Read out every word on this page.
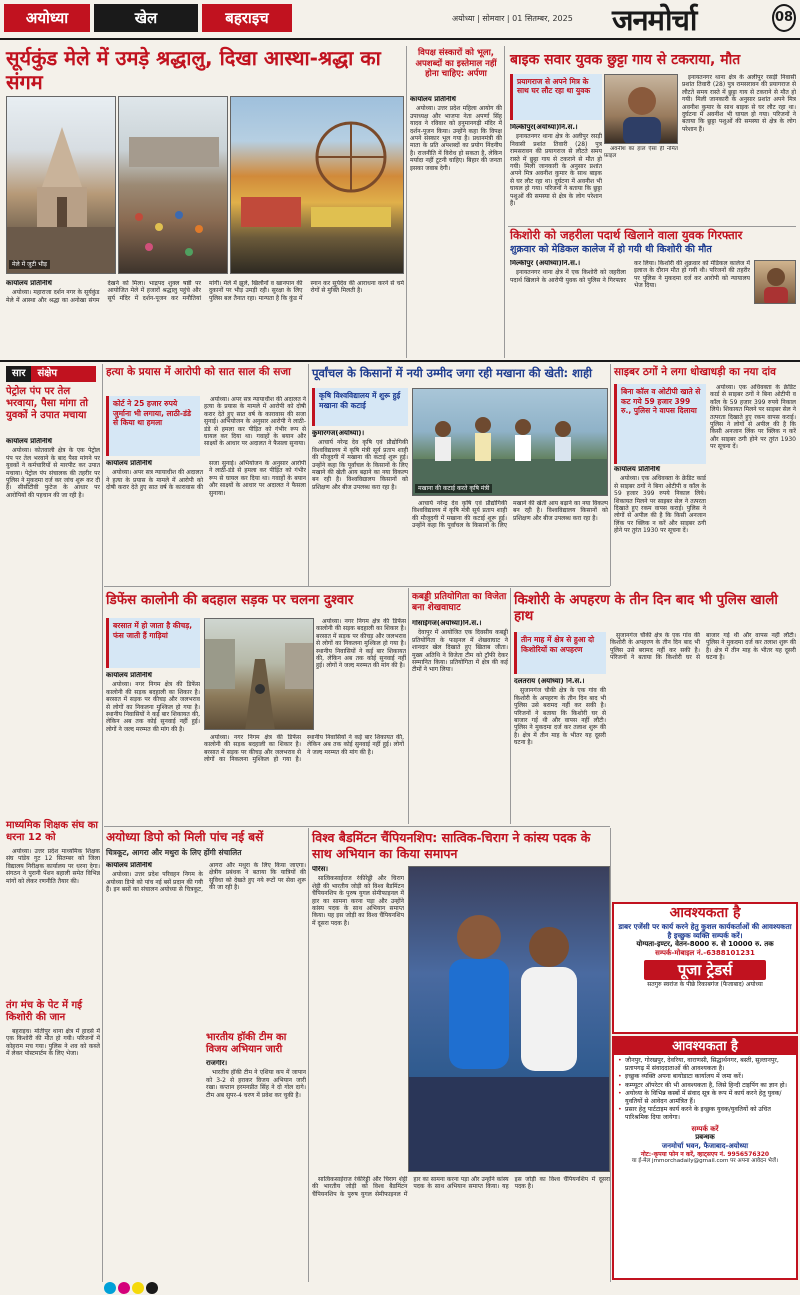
अयोध्या	खेल	बहराइच	अयोध्या | सोमवार | 01 सितम्बर, 2025 जनमोर्चा	08
सूर्यकुंड मेले में उमड़े श्रद्धालु, दिखा आस्था-श्रद्धा का संगम
मेले में जुटी भीड़
कार्यालय प्रतिनिधि

अयोध्या। महाराजा दर्शन नगर के सूर्यकुंड मेले में आस्था और श्रद्धा का अनोखा संगम देखने को मिला। भाद्रपद शुक्ल षष्ठी पर आयोजित मेले में हजारों श्रद्धालु पहुंचे और सूर्य मंदिर में दर्शन-पूजन कर मनौतियां मांगी। मेले में झूले, खिलौनों व खानपान की दुकानों पर भीड़ उमड़ी रही। सुरक्षा के लिए पुलिस बल तैनात रहा। मान्यता है कि कुंड में स्नान कर सूर्यदेव की आराधना करने से चर्म रोगों से मुक्ति मिलती है।

विपक्ष संस्कारों को भूला, अपशब्दों का इस्तेमाल नहीं होना चाहिए: अर्पणा
कार्यालय प्रतिनिधि

अयोध्या। उत्तर प्रदेश महिला आयोग की उपाध्यक्ष और भाजपा नेता अपर्णा सिंह यादव ने रविवार को हनुमानगढ़ी मंदिर में दर्शन-पूजन किया। उन्होंने कहा कि विपक्ष अपने संस्कार भूल गया है। प्रधानमंत्री की माता के प्रति अपशब्दों का प्रयोग निंदनीय है। राजनीति में विरोध हो सकता है, लेकिन मर्यादा नहीं टूटनी चाहिए। बिहार की जनता इसका जवाब देगी।

बाइक सवार युवक छुट्टा गाय से टकराया, मौत
प्रयागराज से अपने मित्र के साथ घर लौट रहा था युवक
मिल्कीपुर(अयोध्या)नि.सं.।

इनायतनगर थाना क्षेत्र के अलीपुर रसड़ी निवासी प्रशांत तिवारी (28) पुत्र रामसरावन की प्रयागराज से लौटते समय रास्ते में छुट्टा गाय से टकराने से मौत हो गयी। मिली जानकारी के अनुसार प्रशांत अपने मित्र अवनीश कुमार के साथ बाइक से घर लौट रहा था। दुर्घटना में अवनीश भी घायल हो गया। परिजनों ने बताया कि छुट्टा पशुओं की समस्या से क्षेत्र के लोग परेशान हैं।

अवनीश का हाल ऐसा ही नमित फ़ाइल

इनायतनगर थाना क्षेत्र के अलीपुर रसड़ी निवासी प्रशांत तिवारी (28) पुत्र रामसरावन की प्रयागराज से लौटते समय रास्ते में छुट्टा गाय से टकराने से मौत हो गयी। मिली जानकारी के अनुसार प्रशांत अपने मित्र अवनीश कुमार के साथ बाइक से घर लौट रहा था। दुर्घटना में अवनीश भी घायल हो गया। परिजनों ने बताया कि छुट्टा पशुओं की समस्या से क्षेत्र के लोग परेशान हैं।

किशोरी को जहरीला पदार्थ खिलाने वाला युवक गिरफ्तार
शुक्रवार को मेडिकल कालेज में हो गयी थी किशोरी की मौत
मिल्कीपुर (अयोध्या)नि.सं.।

इनायतनगर थाना क्षेत्र में एक किशोरी को जहरीला पदार्थ खिलाने के आरोपी युवक को पुलिस ने गिरफ्तार कर लिया। किशोरी की शुक्रवार को मेडिकल कालेज में इलाज के दौरान मौत हो गयी थी। परिजनों की तहरीर पर पुलिस ने मुकदमा दर्ज कर आरोपी को न्यायालय भेज दिया।

सार	संक्षेप
पेट्रोल पंप पर तेल भरवाया, पैसा मांगा तो युवकों ने उपात मचाया
कार्यालय प्रतिनिधि

अयोध्या। कोतवाली क्षेत्र के एक पेट्रोल पंप पर तेल भरवाने के बाद पैसा मांगने पर युवकों ने कर्मचारियों से मारपीट कर उपात मचाया। पेट्रोल पंप संचालक की तहरीर पर पुलिस ने मुकदमा दर्ज कर जांच शुरू कर दी है। सीसीटीवी फुटेज के आधार पर आरोपियों की पहचान की जा रही है।

माध्यमिक शिक्षक संघ का धरना 12 को

अयोध्या। उत्तर प्रदेश माध्यमिक शिक्षक संघ पांडेय गुट 12 सितम्बर को जिला विद्यालय निरीक्षक कार्यालय पर धरना देगा। संगठन ने पुरानी पेंशन बहाली समेत विभिन्न मांगों को लेकर रणनीति तैयार की।

तंग मंच के पेट में गई किशोरी की जान

बहराइच। मोतीपुर थाना क्षेत्र में हादसे में एक किशोरी की मौत हो गयी। परिजनों में कोहराम मच गया। पुलिस ने शव को कब्जे में लेकर पोस्टमार्टम के लिए भेजा।

हत्या के प्रयास में आरोपी को सात साल की सजा
कोर्ट ने 25 हजार रुपये जुर्माना भी लगाया, लाठी-डंडे से किया था हमला
कार्यालय प्रतिनिधि

अयोध्या। अपर सत्र न्यायाधीश की अदालत ने हत्या के प्रयास के मामले में आरोपी को दोषी करार देते हुए सात वर्ष के कारावास की सजा सुनाई। अभियोजन के अनुसार आरोपी ने लाठी-डंडे से हमला कर पीड़ित को गंभीर रूप से घायल कर दिया था। गवाहों के बयान और साक्ष्यों के आधार पर अदालत ने फैसला सुनाया।

अयोध्या। अपर सत्र न्यायाधीश की अदालत ने हत्या के प्रयास के मामले में आरोपी को दोषी करार देते हुए सात वर्ष के कारावास की सजा सुनाई। अभियोजन के अनुसार आरोपी ने लाठी-डंडे से हमला कर पीड़ित को गंभीर रूप से घायल कर दिया था। गवाहों के बयान और साक्ष्यों के आधार पर अदालत ने फैसला सुनाया।

पूर्वांचल के किसानों में नयी उम्मीद जगा रही मखाना की खेती: शाही
कृषि विश्वविद्यालय में शुरू हुई मखाना की कटाई
कुमारगंज(अयोध्या)।

आचार्य नरेन्द्र देव कृषि एवं प्रौद्योगिकी विश्वविद्यालय में कृषि मंत्री सूर्य प्रताप शाही की मौजूदगी में मखाना की कटाई शुरू हुई। उन्होंने कहा कि पूर्वांचल के किसानों के लिए मखाने की खेती आय बढ़ाने का नया विकल्प बन रही है। विश्वविद्यालय किसानों को प्रशिक्षण और बीज उपलब्ध करा रहा है।	मखाना की कटाई करते कृषि मंत्री

आचार्य नरेन्द्र देव कृषि एवं प्रौद्योगिकी विश्वविद्यालय में कृषि मंत्री सूर्य प्रताप शाही की मौजूदगी में मखाना की कटाई शुरू हुई। उन्होंने कहा कि पूर्वांचल के किसानों के लिए मखाने की खेती आय बढ़ाने का नया विकल्प बन रही है। विश्वविद्यालय किसानों को प्रशिक्षण और बीज उपलब्ध करा रहा है।

साइबर ठगों ने लगा धोखाधड़ी का नया दांव
बिना कॉल व ओटीपी खाते से कट गये 59 हजार 399 रु., पुलिस ने वापस दिलाया
कार्यालय प्रतिनिधि

अयोध्या। एक अधिवक्ता के क्रेडिट कार्ड से साइबर ठगों ने बिना ओटीपी व कॉल के 59 हजार 399 रुपये निकाल लिये। शिकायत मिलने पर साइबर सेल ने तत्परता दिखाते हुए रकम वापस कराई। पुलिस ने लोगों से अपील की है कि किसी अनजान लिंक पर क्लिक न करें और साइबर ठगी होने पर तुरंत 1930 पर सूचना दें।

अयोध्या। एक अधिवक्ता के क्रेडिट कार्ड से साइबर ठगों ने बिना ओटीपी व कॉल के 59 हजार 399 रुपये निकाल लिये। शिकायत मिलने पर साइबर सेल ने तत्परता दिखाते हुए रकम वापस कराई। पुलिस ने लोगों से अपील की है कि किसी अनजान लिंक पर क्लिक न करें और साइबर ठगी होने पर तुरंत 1930 पर सूचना दें।

डिफेंस कालोनी की बदहाल सड़क पर चलना दुश्वार
बरसात में हो जाता है कीचड़, फंस जाती हैं गाड़ियां
कार्यालय प्रतिनिधि

अयोध्या। नगर निगम क्षेत्र की डिफेंस कालोनी की सड़क बदहाली का शिकार है। बरसात में सड़क पर कीचड़ और जलभराव से लोगों का निकलना मुश्किल हो गया है। स्थानीय निवासियों ने कई बार शिकायत की, लेकिन अब तक कोई सुनवाई नहीं हुई। लोगों ने जल्द मरम्मत की मांग की है।

अयोध्या। नगर निगम क्षेत्र की डिफेंस कालोनी की सड़क बदहाली का शिकार है। बरसात में सड़क पर कीचड़ और जलभराव से लोगों का निकलना मुश्किल हो गया है। स्थानीय निवासियों ने कई बार शिकायत की, लेकिन अब तक कोई सुनवाई नहीं हुई। लोगों ने जल्द मरम्मत की मांग की है।

अयोध्या। नगर निगम क्षेत्र की डिफेंस कालोनी की सड़क बदहाली का शिकार है। बरसात में सड़क पर कीचड़ और जलभराव से लोगों का निकलना मुश्किल हो गया है। स्थानीय निवासियों ने कई बार शिकायत की, लेकिन अब तक कोई सुनवाई नहीं हुई। लोगों ने जल्द मरम्मत की मांग की है।

कबड्डी प्रतियोगिता का विजेता बना शेखवाघाट
गोसाईंगंज(अयोध्या)नि.सं.।

देवापुर में आयोजित एक दिवसीय कबड्डी प्रतियोगिता के फाइनल में शेखवाघाट ने शानदार खेल दिखाते हुए खिताब जीता। मुख्य अतिथि ने विजेता टीम को ट्रॉफी देकर सम्मानित किया। प्रतियोगिता में क्षेत्र की कई टीमों ने भाग लिया।

किशोरी के अपहरण के तीन दिन बाद भी पुलिस खाली हाथ
तीन माह में क्षेत्र से हुआ दो किशोरियों का अपहरण
दलतराय (अयोध्या) नि.सं.।

सुजानगंज चौकी क्षेत्र के एक गांव की किशोरी के अपहरण के तीन दिन बाद भी पुलिस उसे बरामद नहीं कर सकी है। परिजनों ने बताया कि किशोरी घर से बाजार गई थी और वापस नहीं लौटी। पुलिस ने मुकदमा दर्ज कर तलाश शुरू की है। क्षेत्र में तीन माह के भीतर यह दूसरी घटना है।

सुजानगंज चौकी क्षेत्र के एक गांव की किशोरी के अपहरण के तीन दिन बाद भी पुलिस उसे बरामद नहीं कर सकी है। परिजनों ने बताया कि किशोरी घर से बाजार गई थी और वापस नहीं लौटी। पुलिस ने मुकदमा दर्ज कर तलाश शुरू की है। क्षेत्र में तीन माह के भीतर यह दूसरी घटना है।

आवश्यकता है
डाबर एजेंसी पर कार्य करने हेतु कुशल कार्यकर्ताओं की आवश्यकता है इच्छुक व्यक्ति सम्पर्क करें।
योग्यता-इण्टर, वेतन-8000 रु. से 10000 रु. तक
सम्पर्क-मोबाइल नं.-6388101231
पूजा ट्रेडर्स
सतगुरु स्वरांज के पीछे रिकाबगंज (फैजाबाद) अयोध्या
अयोध्या डिपो को मिली पांच नई बसें
चित्रकूट, आगरा और मथुरा के लिए होंगी संचालित
कार्यालय प्रतिनिधि

अयोध्या। उत्तर प्रदेश परिवहन निगम के अयोध्या डिपो को पांच नई बसें प्रदान की गयी हैं। इन बसों का संचालन अयोध्या से चित्रकूट, आगरा और मथुरा के लिए किया जाएगा। क्षेत्रीय प्रबंधक ने बताया कि यात्रियों की सुविधा को देखते हुए नये रूटों पर सेवा शुरू की जा रही है।

भारतीय हॉकी टीम का विजय अभियान जारी
राजगीर।

भारतीय हॉकी टीम ने एशिया कप में जापान को 3-2 से हराकर विजय अभियान जारी रखा। कप्तान हरमनप्रीत सिंह ने दो गोल दागे। टीम अब सुपर-4 चरण में प्रवेश कर चुकी है।

विश्व बैडमिंटन चैंपियनशिप: सात्विक-चिराग ने कांस्य पदक के साथ अभियान का किया समापन
पेरिस।

सात्विकसाईराज रंकीरेड्डी और चिराग शेट्टी की भारतीय जोड़ी को विश्व बैडमिंटन चैंपियनशिप के पुरुष युगल सेमीफाइनल में हार का सामना करना पड़ा और उन्होंने कांस्य पदक के साथ अभियान समाप्त किया। यह इस जोड़ी का विश्व चैंपियनशिप में दूसरा पदक है।

सात्विकसाईराज रंकीरेड्डी और चिराग शेट्टी की भारतीय जोड़ी को विश्व बैडमिंटन चैंपियनशिप के पुरुष युगल सेमीफाइनल में हार का सामना करना पड़ा और उन्होंने कांस्य पदक के साथ अभियान समाप्त किया। यह इस जोड़ी का विश्व चैंपियनशिप में दूसरा पदक है।

आवश्यकता है
• जौनपुर, गोरखपुर, देवरिया, वाराणसी, सिद्धार्थनगर, बस्ती, सुल्तानपुर, प्रतापगढ़ में संवाददाताओं की आवश्यकता है।
• इच्छुक व्यक्ति अपना बायोडाटा कार्यालय में जमा करें।
• कम्प्यूटर ऑपरेटर की भी आवश्यकता है, जिसे हिन्दी टाइपिंग का ज्ञान हो।
• अयोध्या के विभिन्न कस्बों में संवाद सूत्र के रूप में कार्य करने हेतु युवक/युवतियों से आवेदन आमंत्रित हैं।
• प्रसार हेतु पार्टटाइम कार्य करने के इच्छुक युवक/युवतियों को उचित पारिश्रमिक दिया जायेगा।
सम्पर्क करें
प्रबन्धक
जनमोर्चा भवन, फैजाबाद-अयोध्या
नोट:-कृपया फोन न करें, व्हाट्सएप नं. 9956576320
या ई-मेल jmmorchadaily@gmail.com पर अपना आवेदन भेजें।
